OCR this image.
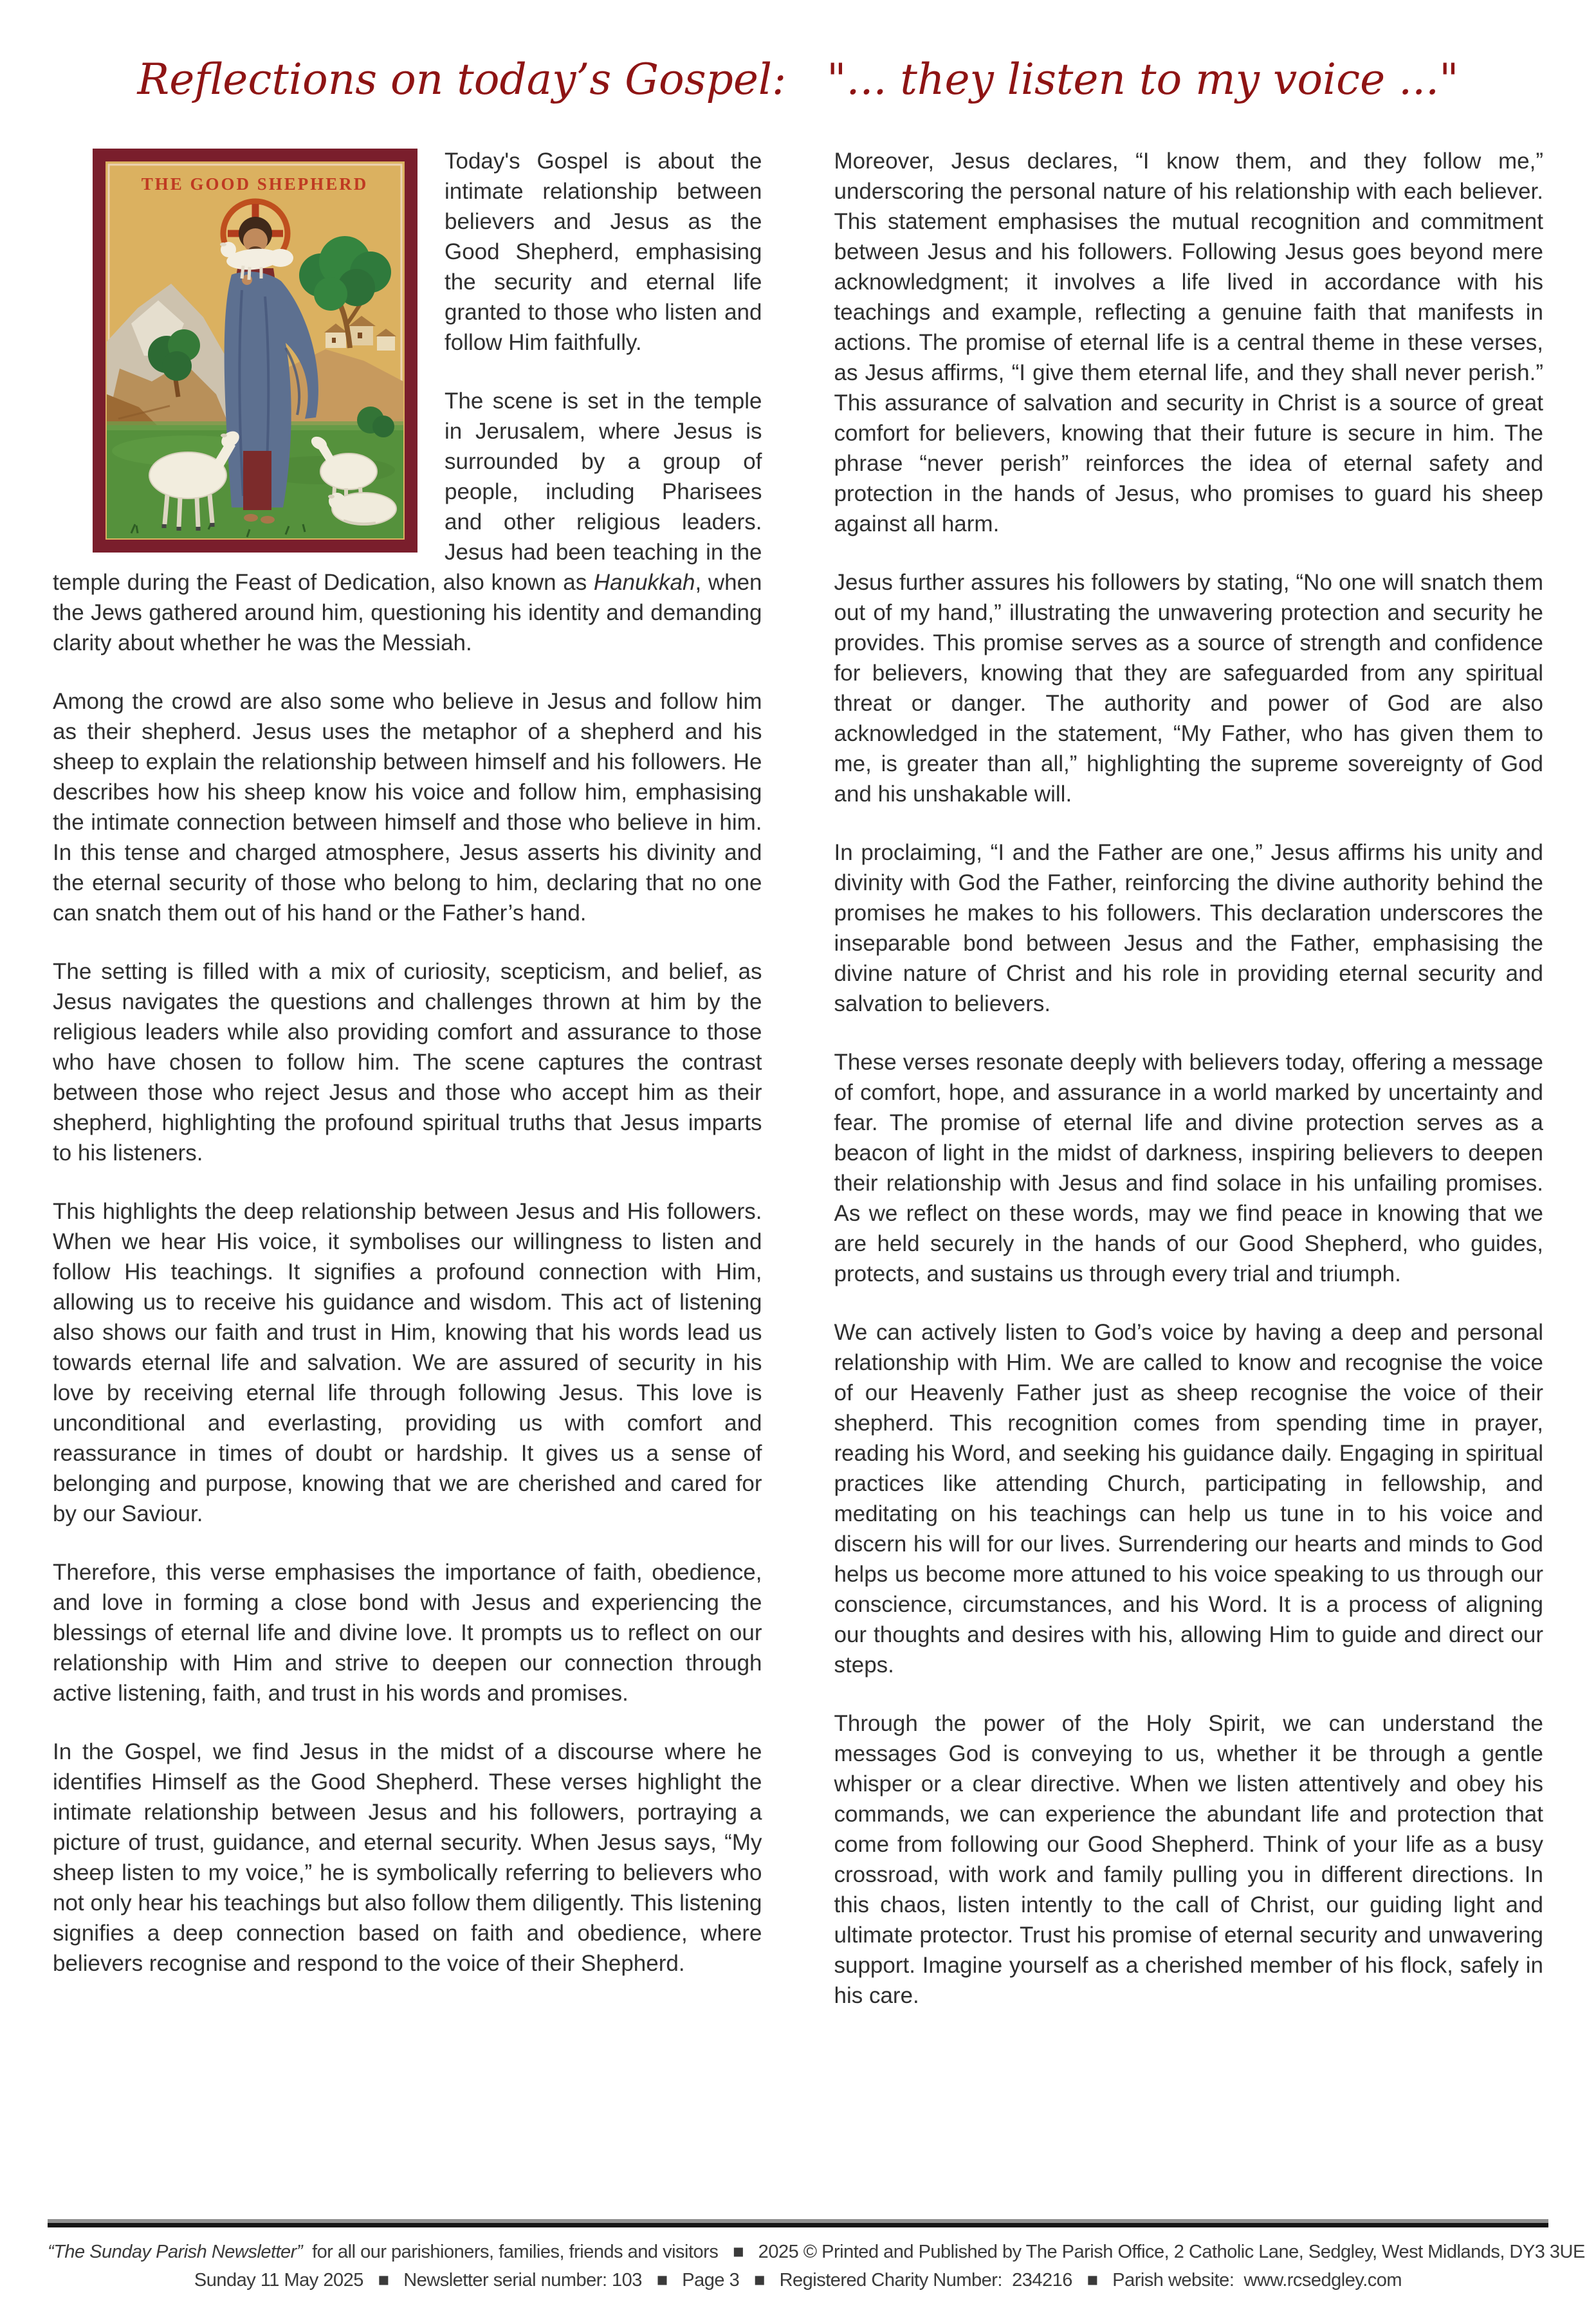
Reflections on today’s Gospel:   "... they listen to my voice ..."
THE GOOD SHEPHERD

Today's Gospel is about the intimate relationship between believers and Jesus as the Good Shepherd, emphasising the security and eternal life granted to those who listen and follow Him faithfully.

The scene is set in the temple in Jerusalem, where Jesus is surrounded by a group of people, including Pharisees and other religious leaders. Jesus had been teaching in the temple during the Feast of Dedication, also known as Hanukkah, when the Jews gathered around him, questioning his identity and demanding clarity about whether he was the Messiah.

Among the crowd are also some who believe in Jesus and follow him as their shepherd. Jesus uses the metaphor of a shepherd and his sheep to explain the relationship between himself and his followers. He describes how his sheep know his voice and follow him, emphasising the intimate connection between himself and those who believe in him. In this tense and charged atmosphere, Jesus asserts his divinity and the eternal security of those who belong to him, declaring that no one can snatch them out of his hand or the Father’s hand.

The setting is filled with a mix of curiosity, scepticism, and belief, as Jesus navigates the questions and challenges thrown at him by the religious leaders while also providing comfort and assurance to those who have chosen to follow him. The scene captures the contrast between those who reject Jesus and those who accept him as their shepherd, highlighting the profound spiritual truths that Jesus imparts to his listeners.

This highlights the deep relationship between Jesus and His followers. When we hear His voice, it symbolises our willingness to listen and follow His teachings. It signifies a profound connection with Him, allowing us to receive his guidance and wisdom. This act of listening also shows our faith and trust in Him, knowing that his words lead us towards eternal life and salvation. We are assured of security in his love by receiving eternal life through following Jesus. This love is unconditional and everlasting, providing us with comfort and reassurance in times of doubt or hardship. It gives us a sense of belonging and purpose, knowing that we are cherished and cared for by our Saviour.

Therefore, this verse emphasises the importance of faith, obedience, and love in forming a close bond with Jesus and experiencing the blessings of eternal life and divine love. It prompts us to reflect on our relationship with Him and strive to deepen our connection through active listening, faith, and trust in his words and promises.

In the Gospel, we find Jesus in the midst of a discourse where he identifies Himself as the Good Shepherd. These verses highlight the intimate relationship between Jesus and his followers, portraying a picture of trust, guidance, and eternal security. When Jesus says, “My sheep listen to my voice,” he is symbolically referring to believers who not only hear his teachings but also follow them diligently. This listening signifies a deep connection based on faith and obedience, where believers recognise and respond to the voice of their Shepherd.

Moreover, Jesus declares, “I know them, and they follow me,” underscoring the personal nature of his relationship with each believer. This statement emphasises the mutual recognition and commitment between Jesus and his followers. Following Jesus goes beyond mere acknowledgment; it involves a life lived in accordance with his teachings and example, reflecting a genuine faith that manifests in actions. The promise of eternal life is a central theme in these verses, as Jesus affirms, “I give them eternal life, and they shall never perish.” This assurance of salvation and security in Christ is a source of great comfort for believers, knowing that their future is secure in him. The phrase “never perish” reinforces the idea of eternal safety and protection in the hands of Jesus, who promises to guard his sheep against all harm.

Jesus further assures his followers by stating, “No one will snatch them out of my hand,” illustrating the unwavering protection and security he provides. This promise serves as a source of strength and confidence for believers, knowing that they are safeguarded from any spiritual threat or danger. The authority and power of God are also acknowledged in the statement, “My Father, who has given them to me, is greater than all,” highlighting the supreme sovereignty of God and his unshakable will.

In proclaiming, “I and the Father are one,” Jesus affirms his unity and divinity with God the Father, reinforcing the divine authority behind the promises he makes to his followers. This declaration underscores the inseparable bond between Jesus and the Father, emphasising the divine nature of Christ and his role in providing eternal security and salvation to believers.

These verses resonate deeply with believers today, offering a message of comfort, hope, and assurance in a world marked by uncertainty and fear. The promise of eternal life and divine protection serves as a beacon of light in the midst of darkness, inspiring believers to deepen their relationship with Jesus and find solace in his unfailing promises. As we reflect on these words, may we find peace in knowing that we are held securely in the hands of our Good Shepherd, who guides, protects, and sustains us through every trial and triumph.

We can actively listen to God’s voice by having a deep and personal relationship with Him. We are called to know and recognise the voice of our Heavenly Father just as sheep recognise the voice of their shepherd. This recognition comes from spending time in prayer, reading his Word, and seeking his guidance daily. Engaging in spiritual practices like attending Church, participating in fellowship, and meditating on his teachings can help us tune in to his voice and discern his will for our lives. Surrendering our hearts and minds to God helps us become more attuned to his voice speaking to us through our conscience, circumstances, and his Word. It is a process of aligning our thoughts and desires with his, allowing Him to guide and direct our steps.

Through the power of the Holy Spirit, we can understand the messages God is conveying to us, whether it be through a gentle whisper or a clear directive. When we listen attentively and obey his commands, we can experience the abundant life and protection that come from following our Good Shepherd. Think of your life as a busy crossroad, with work and family pulling you in different directions. In this chaos, listen intently to the call of Christ, our guiding light and ultimate protector. Trust his promise of eternal security and unwavering support. Imagine yourself as a cherished member of his flock, safely in his care.

“The Sunday Parish Newsletter”  for all our parishioners, families, friends and visitors   ■   2025 © Printed and Published by The Parish Office, 2 Catholic Lane, Sedgley, West Midlands, DY3 3UE
Sunday 11 May 2025   ■   Newsletter serial number: 103   ■   Page 3   ■   Registered Charity Number:  234216   ■   Parish website:  www.rcsedgley.com
